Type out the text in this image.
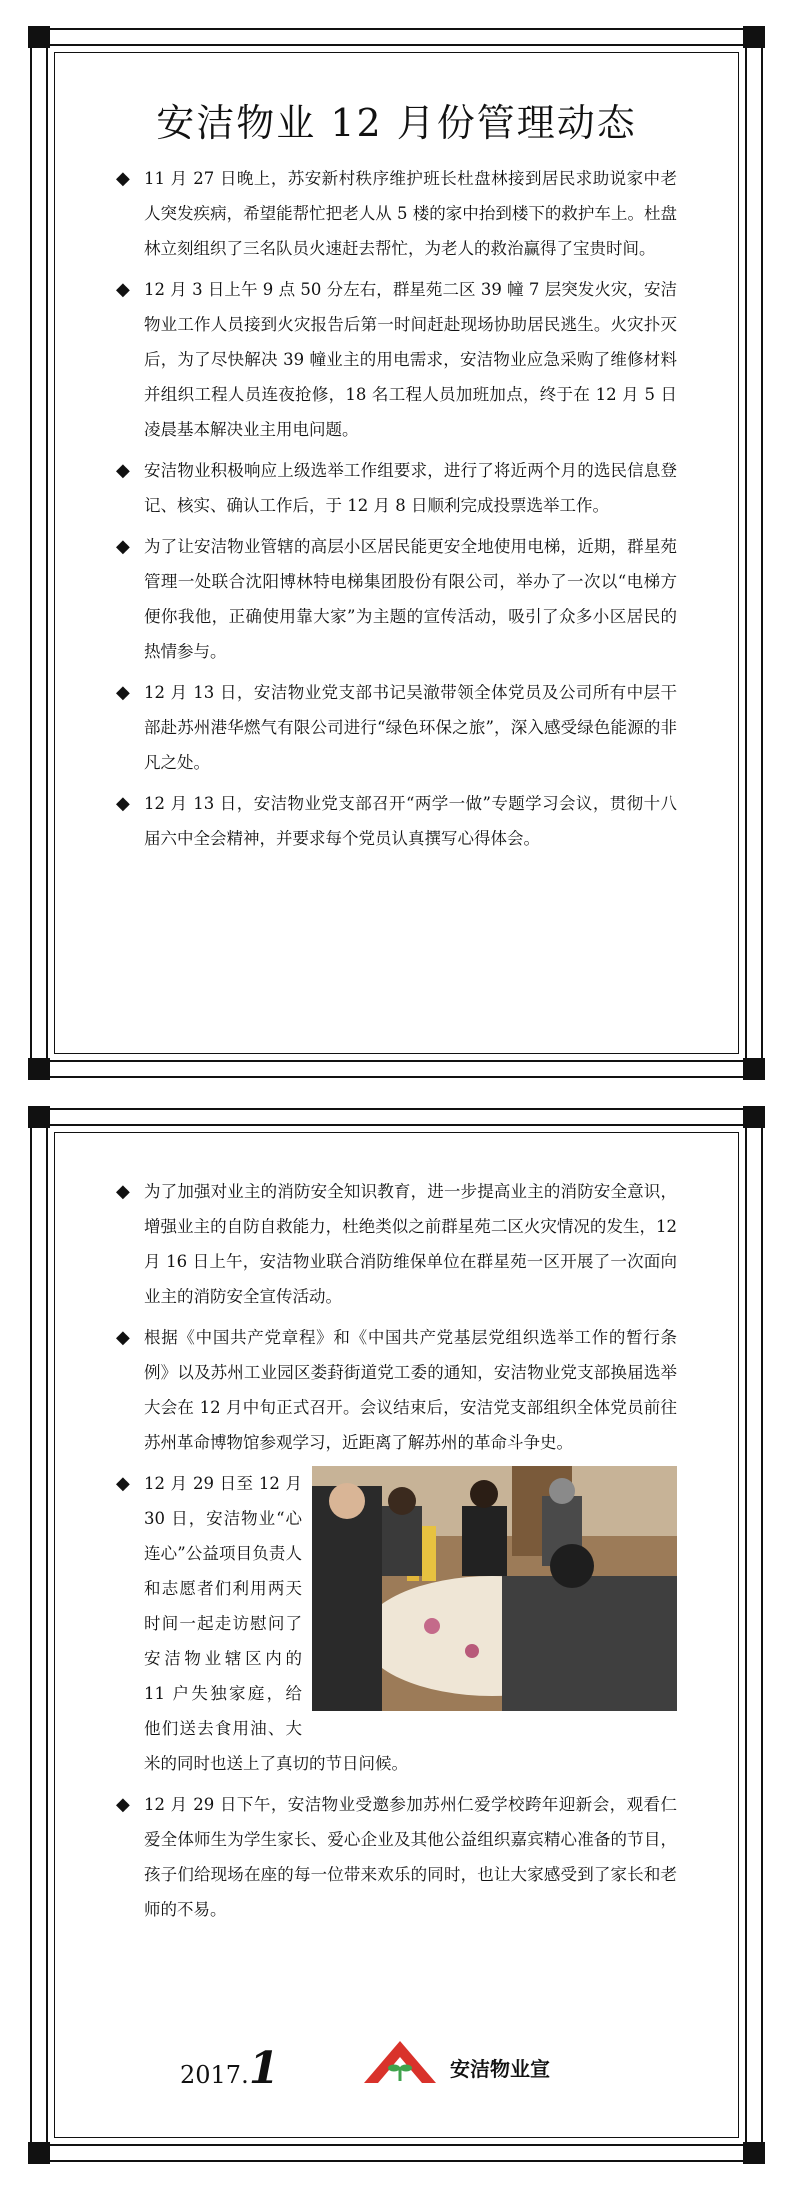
安洁物业 12 月份管理动态
◆ 11 月 27 日晚上，苏安新村秩序维护班长杜盘林接到居民求助说家中老人突发疾病，希望能帮忙把老人从 5 楼的家中抬到楼下的救护车上。杜盘林立刻组织了三名队员火速赶去帮忙，为老人的救治赢得了宝贵时间。
◆ 12 月 3 日上午 9 点 50 分左右，群星苑二区 39 幢 7 层突发火灾，安洁物业工作人员接到火灾报告后第一时间赶赴现场协助居民逃生。火灾扑灭后，为了尽快解决 39 幢业主的用电需求，安洁物业应急采购了维修材料并组织工程人员连夜抢修，18 名工程人员加班加点，终于在 12 月 5 日凌晨基本解决业主用电问题。
◆ 安洁物业积极响应上级选举工作组要求，进行了将近两个月的选民信息登记、核实、确认工作后，于 12 月 8 日顺利完成投票选举工作。
◆ 为了让安洁物业管辖的高层小区居民能更安全地使用电梯，近期，群星苑管理一处联合沈阳博林特电梯集团股份有限公司，举办了一次以“电梯方便你我他，正确使用靠大家”为主题的宣传活动，吸引了众多小区居民的热情参与。
◆ 12 月 13 日，安洁物业党支部书记吴澈带领全体党员及公司所有中层干部赴苏州港华燃气有限公司进行“绿色环保之旅”，深入感受绿色能源的非凡之处。
◆ 12 月 13 日，安洁物业党支部召开“两学一做”专题学习会议，贯彻十八届六中全会精神，并要求每个党员认真撰写心得体会。
◆ 为了加强对业主的消防安全知识教育，进一步提高业主的消防安全意识，增强业主的自防自救能力，杜绝类似之前群星苑二区火灾情况的发生，12 月 16 日上午，安洁物业联合消防维保单位在群星苑一区开展了一次面向业主的消防安全宣传活动。
◆ 根据《中国共产党章程》和《中国共产党基层党组织选举工作的暂行条例》以及苏州工业园区娄葑街道党工委的通知，安洁物业党支部换届选举大会在 12 月中旬正式召开。会议结束后，安洁党支部组织全体党员前往苏州革命博物馆参观学习，近距离了解苏州的革命斗争史。
◆ 12 月 29 日至 12 月 30 日，安洁物业“心连心”公益项目负责人和志愿者们利用两天时间一起走访慰问了安洁物业辖区内的 11 户失独家庭，给他们送去食用油、大米的同时也送上了真切的节日问候。
◆ 12 月 29 日下午，安洁物业受邀参加苏州仁爱学校跨年迎新会，观看仁爱全体师生为学生家长、爱心企业及其他公益组织嘉宾精心准备的节目，孩子们给现场在座的每一位带来欢乐的同时，也让大家感受到了家长和老师的不易。
2017.1	安洁物业宣
